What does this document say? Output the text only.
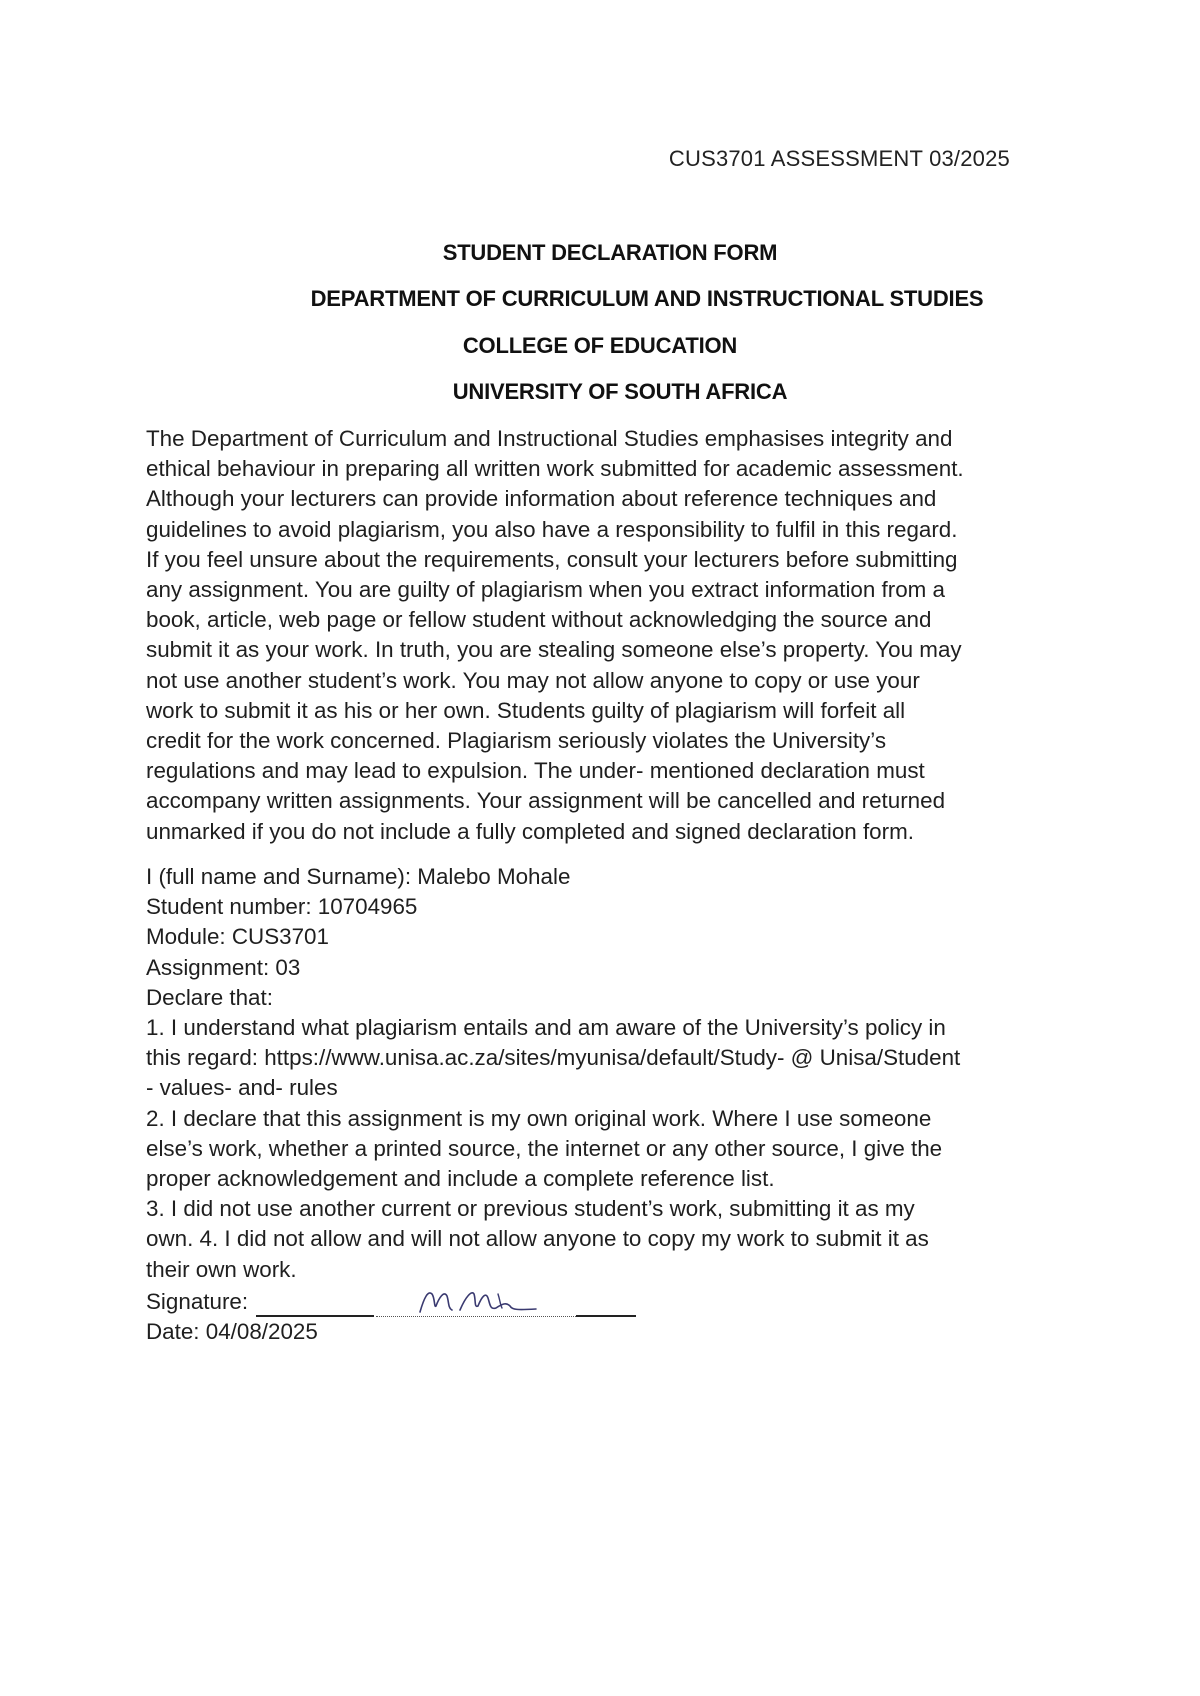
CUS3701 ASSESSMENT 03/2025
STUDENT DECLARATION FORM
DEPARTMENT OF CURRICULUM AND INSTRUCTIONAL STUDIES
COLLEGE OF EDUCATION
UNIVERSITY OF SOUTH AFRICA
The Department of Curriculum and Instructional Studies emphasises integrity and
ethical behaviour in preparing all written work submitted for academic assessment.
Although your lecturers can provide information about reference techniques and
guidelines to avoid plagiarism, you also have a responsibility to fulfil in this regard.
If you feel unsure about the requirements, consult your lecturers before submitting
any assignment. You are guilty of plagiarism when you extract information from a
book, article, web page or fellow student without acknowledging the source and
submit it as your work. In truth, you are stealing someone else’s property. You may
not use another student’s work. You may not allow anyone to copy or use your
work to submit it as his or her own. Students guilty of plagiarism will forfeit all
credit for the work concerned. Plagiarism seriously violates the University’s
regulations and may lead to expulsion. The under- mentioned declaration must
accompany written assignments. Your assignment will be cancelled and returned
unmarked if you do not include a fully completed and signed declaration form.
I (full name and Surname): Malebo Mohale
Student number: 10704965
Module: CUS3701
Assignment: 03
Declare that:
1. I understand what plagiarism entails and am aware of the University’s policy in
this regard: https://www.unisa.ac.za/sites/myunisa/default/Study- @ Unisa/Student
- values- and- rules
2. I declare that this assignment is my own original work. Where I use someone
else’s work, whether a printed source, the internet or any other source, I give the
proper acknowledgement and include a complete reference list.
3. I did not use another current or previous student’s work, submitting it as my
own. 4. I did not allow and will not allow anyone to copy my work to submit it as
their own work.
Signature:
Date: 04/08/2025
